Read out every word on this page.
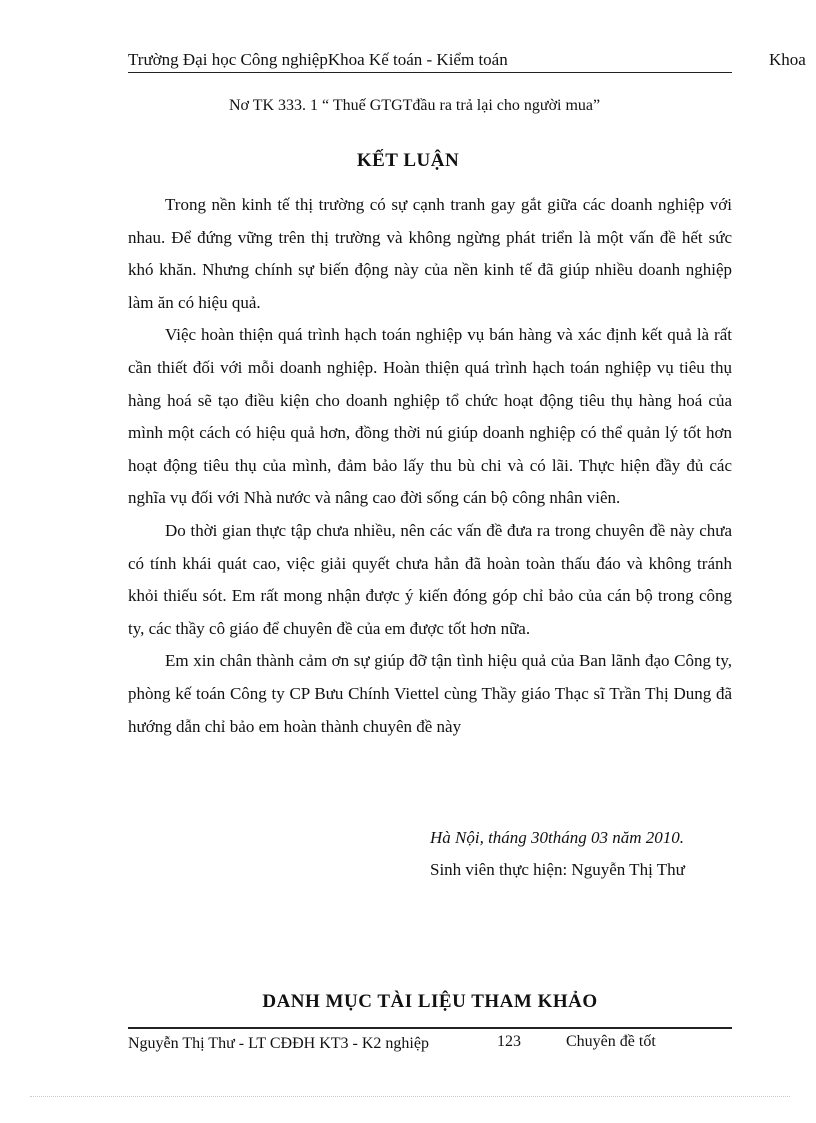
Trường Đại học Công nghiệpKhoa Kế toán - Kiểm toán	Khoa
Nơ TK 333. 1 “ Thuế GTGTđầu ra trả lại cho người mua”
KẾT LUẬN

Trong nền kinh tế thị trường có sự cạnh tranh gay gắt giữa các doanh nghiệp với nhau. Để đứng vững trên thị trường và không ngừng phát triển là một vấn đề hết sức khó khăn. Nhưng chính sự biến động này của nền kinh tế đã giúp nhiều doanh nghiệp làm ăn có hiệu quả.

Việc hoàn thiện quá trình hạch toán nghiệp vụ bán hàng và xác định kết quả là rất cần thiết đối với mỗi doanh nghiệp. Hoàn thiện quá trình hạch toán nghiệp vụ tiêu thụ hàng hoá sẽ tạo điều kiện cho doanh nghiệp tổ chức hoạt động tiêu thụ hàng hoá của mình một cách có hiệu quả hơn, đồng thời nú giúp doanh nghiệp có thể quản lý tốt hơn hoạt động tiêu thụ của mình, đảm bảo lấy thu bù chi và có lãi. Thực hiện đầy đủ các nghĩa vụ đối với Nhà nước và nâng cao đời sống cán bộ công nhân viên.

Do thời gian thực tập chưa nhiều, nên các vấn đề đưa ra trong chuyên đề này chưa có tính khái quát cao, việc giải quyết chưa hẳn đã hoàn toàn thấu đáo và không tránh khỏi thiếu sót. Em rất mong nhận được ý kiến đóng góp chỉ bảo của cán bộ trong công ty, các thầy cô giáo để chuyên đề của em được tốt hơn nữa.

Em xin chân thành cảm ơn sự giúp đỡ tận tình hiệu quả của Ban lãnh đạo Công ty, phòng kế toán Công ty CP Bưu Chính Viettel cùng Thầy giáo Thạc sĩ Trần Thị Dung đã hướng dẫn chỉ bảo em hoàn thành chuyên đề này

Hà Nội, tháng 30tháng 03 năm 2010.
Sinh viên thực hiện: Nguyễn Thị Thư
DANH MỤC TÀI LIỆU THAM KHẢO
Nguyễn Thị Thư - LT CĐĐH KT3 - K2 nghiệp	123	Chuyên đề tốt
